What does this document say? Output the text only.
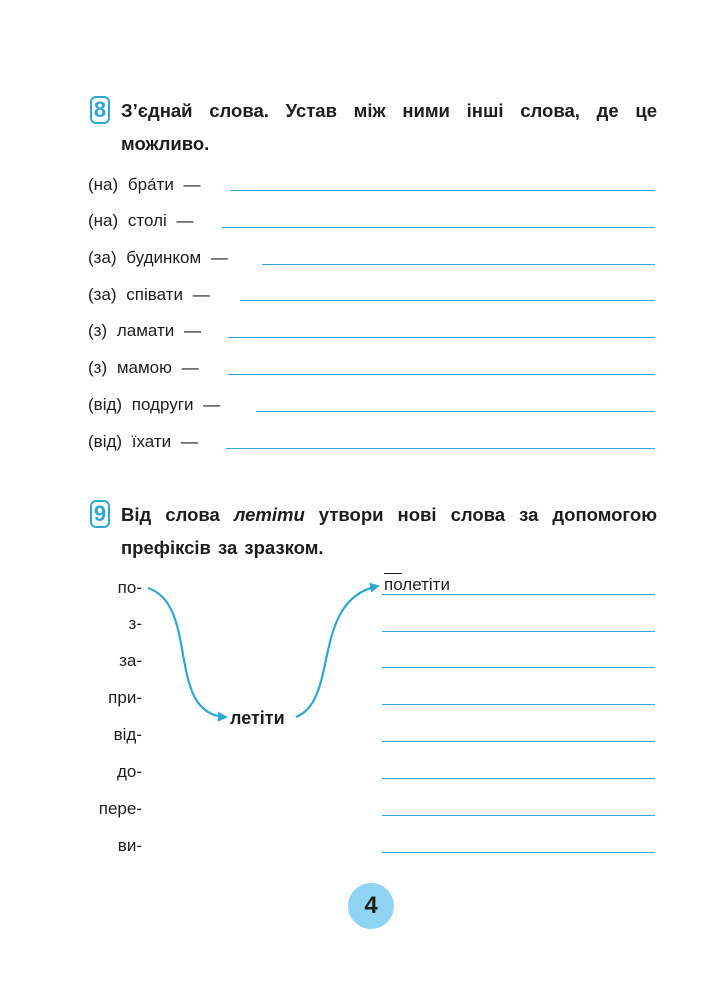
8 З’єднай слова. Устав між ними інші слова, де це
можливо.
(на) бра́ти —
(на) столі —
(за) будинком —
(за) співати —
(з) ламати —
(з) мамою —
(від) подруги —
(від) їхати —
9 Від слова летіти утвори нові слова за допомогою
префіксів за зразком.
по-
з-
за-
при-
від-
до-
пере-
ви-
летіти
полетіти
4
